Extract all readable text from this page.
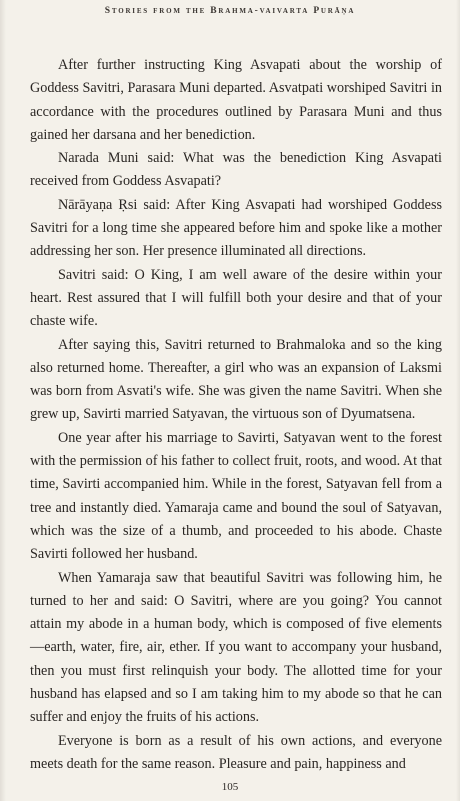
Stories from the Brahma-vaivarta Purāṇa

After further instructing King Asvapati about the worship of Goddess Savitri, Parasara Muni departed. Asvatpati worshiped Savitri in accordance with the procedures outlined by Parasara Muni and thus gained her darsana and her benediction.

Narada Muni said: What was the benediction King Asvapati received from Goddess Asvapati?

Nārāyaṇa Ṛsi said: After King Asvapati had worshiped Goddess Savitri for a long time she appeared before him and spoke like a mother addressing her son. Her presence illuminated all directions.

Savitri said: O King, I am well aware of the desire within your heart. Rest assured that I will fulfill both your desire and that of your chaste wife.

After saying this, Savitri returned to Brahmaloka and so the king also returned home. Thereafter, a girl who was an expansion of Laksmi was born from Asvati's wife. She was given the name Savitri. When she grew up, Savirti married Satyavan, the virtuous son of Dyumatsena.

One year after his marriage to Savirti, Satyavan went to the forest with the permission of his father to collect fruit, roots, and wood. At that time, Savirti accompanied him. While in the forest, Satyavan fell from a tree and instantly died. Yamaraja came and bound the soul of Satyavan, which was the size of a thumb, and proceeded to his abode. Chaste Savirti followed her husband.

When Yamaraja saw that beautiful Savitri was following him, he turned to her and said: O Savitri, where are you going? You cannot attain my abode in a human body, which is composed of five elements—earth, water, fire, air, ether. If you want to accompany your husband, then you must first relinquish your body. The allotted time for your husband has elapsed and so I am taking him to my abode so that he can suffer and enjoy the fruits of his actions.

Everyone is born as a result of his own actions, and everyone meets death for the same reason. Pleasure and pain, happiness and

105
